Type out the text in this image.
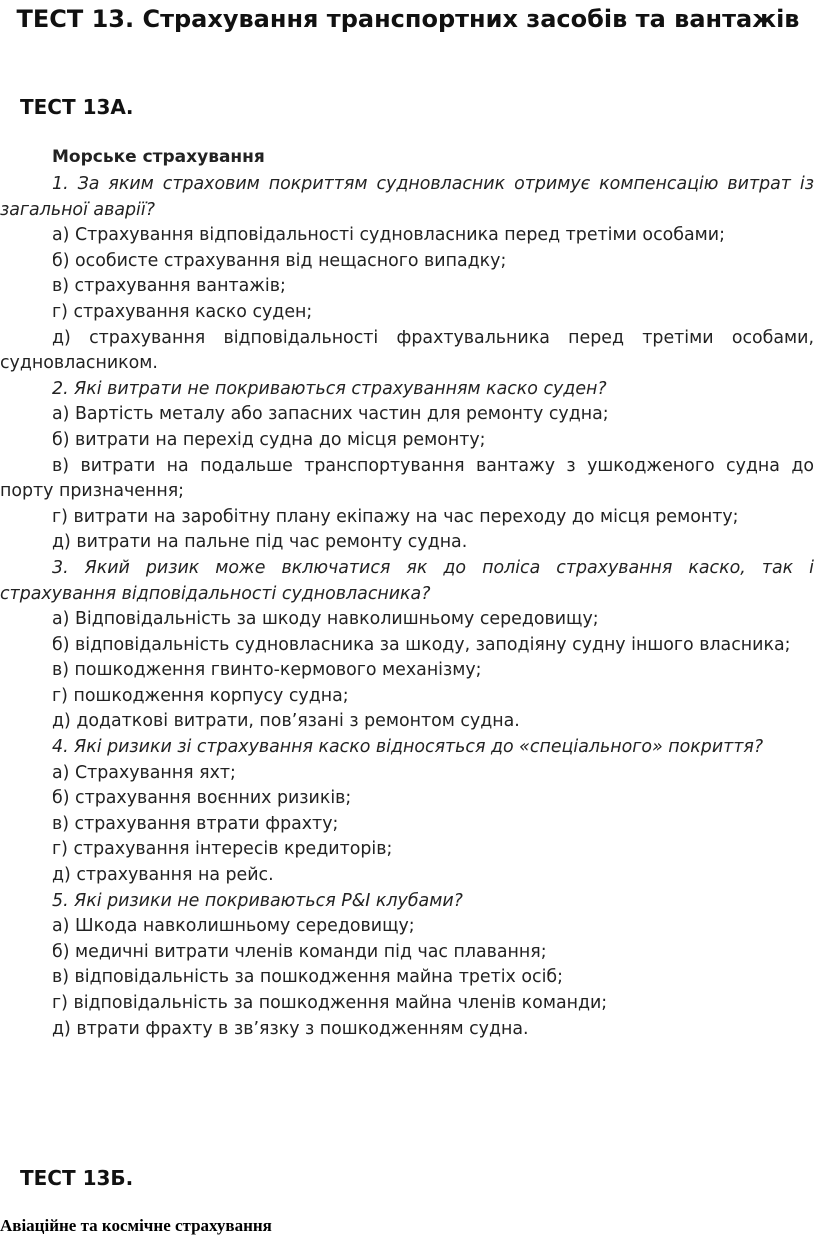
ТЕСТ 13. Страхування транспортних засобів та вантажів
ТЕСТ 13А.
Морське страхування

1. За яким страховим покриттям судновласник отримує компенсацію витрат із загальної аварії?

а) Страхування відповідальності судновласника перед третіми особами;

б) особисте страхування від нещасного випадку;

в) страхування вантажів;

г) страхування каско суден;

д) страхування відповідальності фрахтувальника перед третіми особами, судновласником.

2. Які витрати не покриваються страхуванням каско суден?

а) Вартість металу або запасних частин для ремонту судна;

б) витрати на перехід судна до місця ремонту;

в) витрати на подальше транспортування вантажу з ушкодженого судна до порту призначення;

г) витрати на заробітну плану екіпажу на час переходу до місця ремонту;

д) витрати на пальне під час ремонту судна.

3. Який ризик може включатися як до поліса страхування каско, так і страхування відповідальності судновласника?

а) Відповідальність за шкоду навколишньому середовищу;

б) відповідальність судновласника за шкоду, заподіяну судну іншого власника;

в) пошкодження гвинто-кермового механізму;

г) пошкодження корпусу судна;

д) додаткові витрати, пов’язані з ремонтом судна.

4. Які ризики зі страхування каско відносяться до «спеціального» покриття?

а) Страхування яхт;

б) страхування воєнних ризиків;

в) страхування втрати фрахту;

г) страхування інтересів кредиторів;

д) страхування на рейс.

5. Які ризики не покриваються P&I клубами?

а) Шкода навколишньому середовищу;

б) медичні витрати членів команди під час плавання;

в) відповідальність за пошкодження майна третіх осіб;

г) відповідальність за пошкодження майна членів команди;

д) втрати фрахту в зв’язку з пошкодженням судна.

ТЕСТ 13Б.
Авіаційне та космічне страхування
